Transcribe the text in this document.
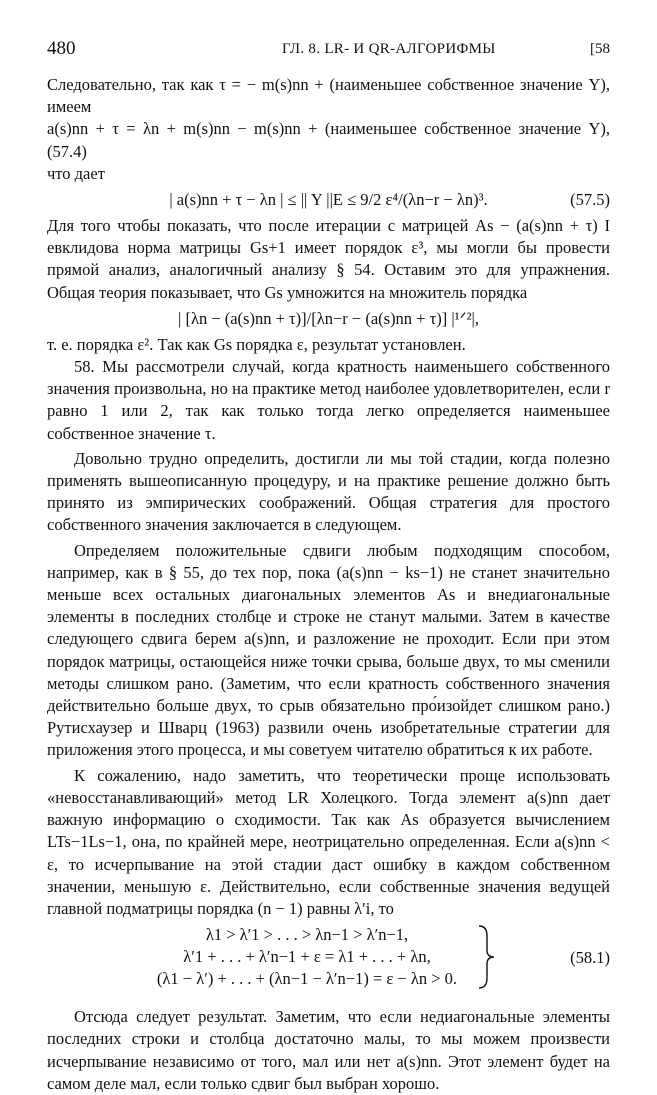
480	ГЛ. 8. LR- И QR-АЛГОРИФМЫ	[58

Следовательно, так как τ = − m(s)nn + (наименьшее собственное значение Y), имеем

a(s)nn + τ = λn + m(s)nn − m(s)nn + (наименьшее собственное значение Y), (57.4)

что дает

| a(s)nn + τ − λn | ≤ || Y ||E ≤ 9/2 ε⁴/(λn−r − λn)³.	(57.5)

Для того чтобы показать, что после итерации с матрицей As − (a(s)nn + τ) I евклидова норма матрицы Gs+1 имеет порядок ε³, мы могли бы провести прямой анализ, аналогичный анализу § 54. Оставим это для упражнения. Общая теория показывает, что Gs умножится на множитель порядка

| [λn − (a(s)nn + τ)]/[λn−r − (a(s)nn + τ)] |¹ᐟ²|,

т. е. порядка ε². Так как Gs порядка ε, результат установлен.

58. Мы рассмотрели случай, когда кратность наименьшего собственного значения произвольна, но на практике метод наиболее удовлетворителен, если r равно 1 или 2, так как только тогда легко определяется наименьшее собственное значение τ.

Довольно трудно определить, достигли ли мы той стадии, когда полезно применять вышеописанную процедуру, и на практике решение должно быть принято из эмпирических соображений. Общая стратегия для простого собственного значения заключается в следующем.

Определяем положительные сдвиги любым подходящим способом, например, как в § 55, до тех пор, пока (a(s)nn − ks−1) не станет значительно меньше всех остальных диагональных элементов As и внедиагональные элементы в последних столбце и строке не станут малыми. Затем в качестве следующего сдвига берем a(s)nn, и разложение не проходит. Если при этом порядок матрицы, остающейся ниже точки срыва, больше двух, то мы сменили методы слишком рано. (Заметим, что если кратность собственного значения действительно больше двух, то срыв обязательно про́изойдет слишком рано.) Рутисхаузер и Шварц (1963) развили очень изобретательные стратегии для приложения этого процесса, и мы советуем читателю обратиться к их работе.

К сожалению, надо заметить, что теоретически проще использовать «невосстанавливающий» метод LR Холецкого. Тогда элемент a(s)nn дает важную информацию о сходимости. Так как As образуется вычислением LTs−1Ls−1, она, по крайней мере, неотрицательно определенная. Если a(s)nn < ε, то исчерпывание на этой стадии даст ошибку в каждом собственном значении, меньшую ε. Действительно, если собственные значения ведущей главной подматрицы порядка (n − 1) равны λ′i, то

λ1 > λ′1 > . . . > λn−1 > λ′n−1,
λ′1 + . . . + λ′n−1 + ε = λ1 + . . . + λn,
(λ1 − λ′) + . . . + (λn−1 − λ′n−1) = ε − λn > 0.
(58.1)

Отсюда следует результат. Заметим, что если недиагональные элементы последних строки и столбца достаточно малы, то мы можем произвести исчерпывание независимо от того, мал или нет a(s)nn. Этот элемент будет на самом деле мал, если только сдвиг был выбран хорошо.
